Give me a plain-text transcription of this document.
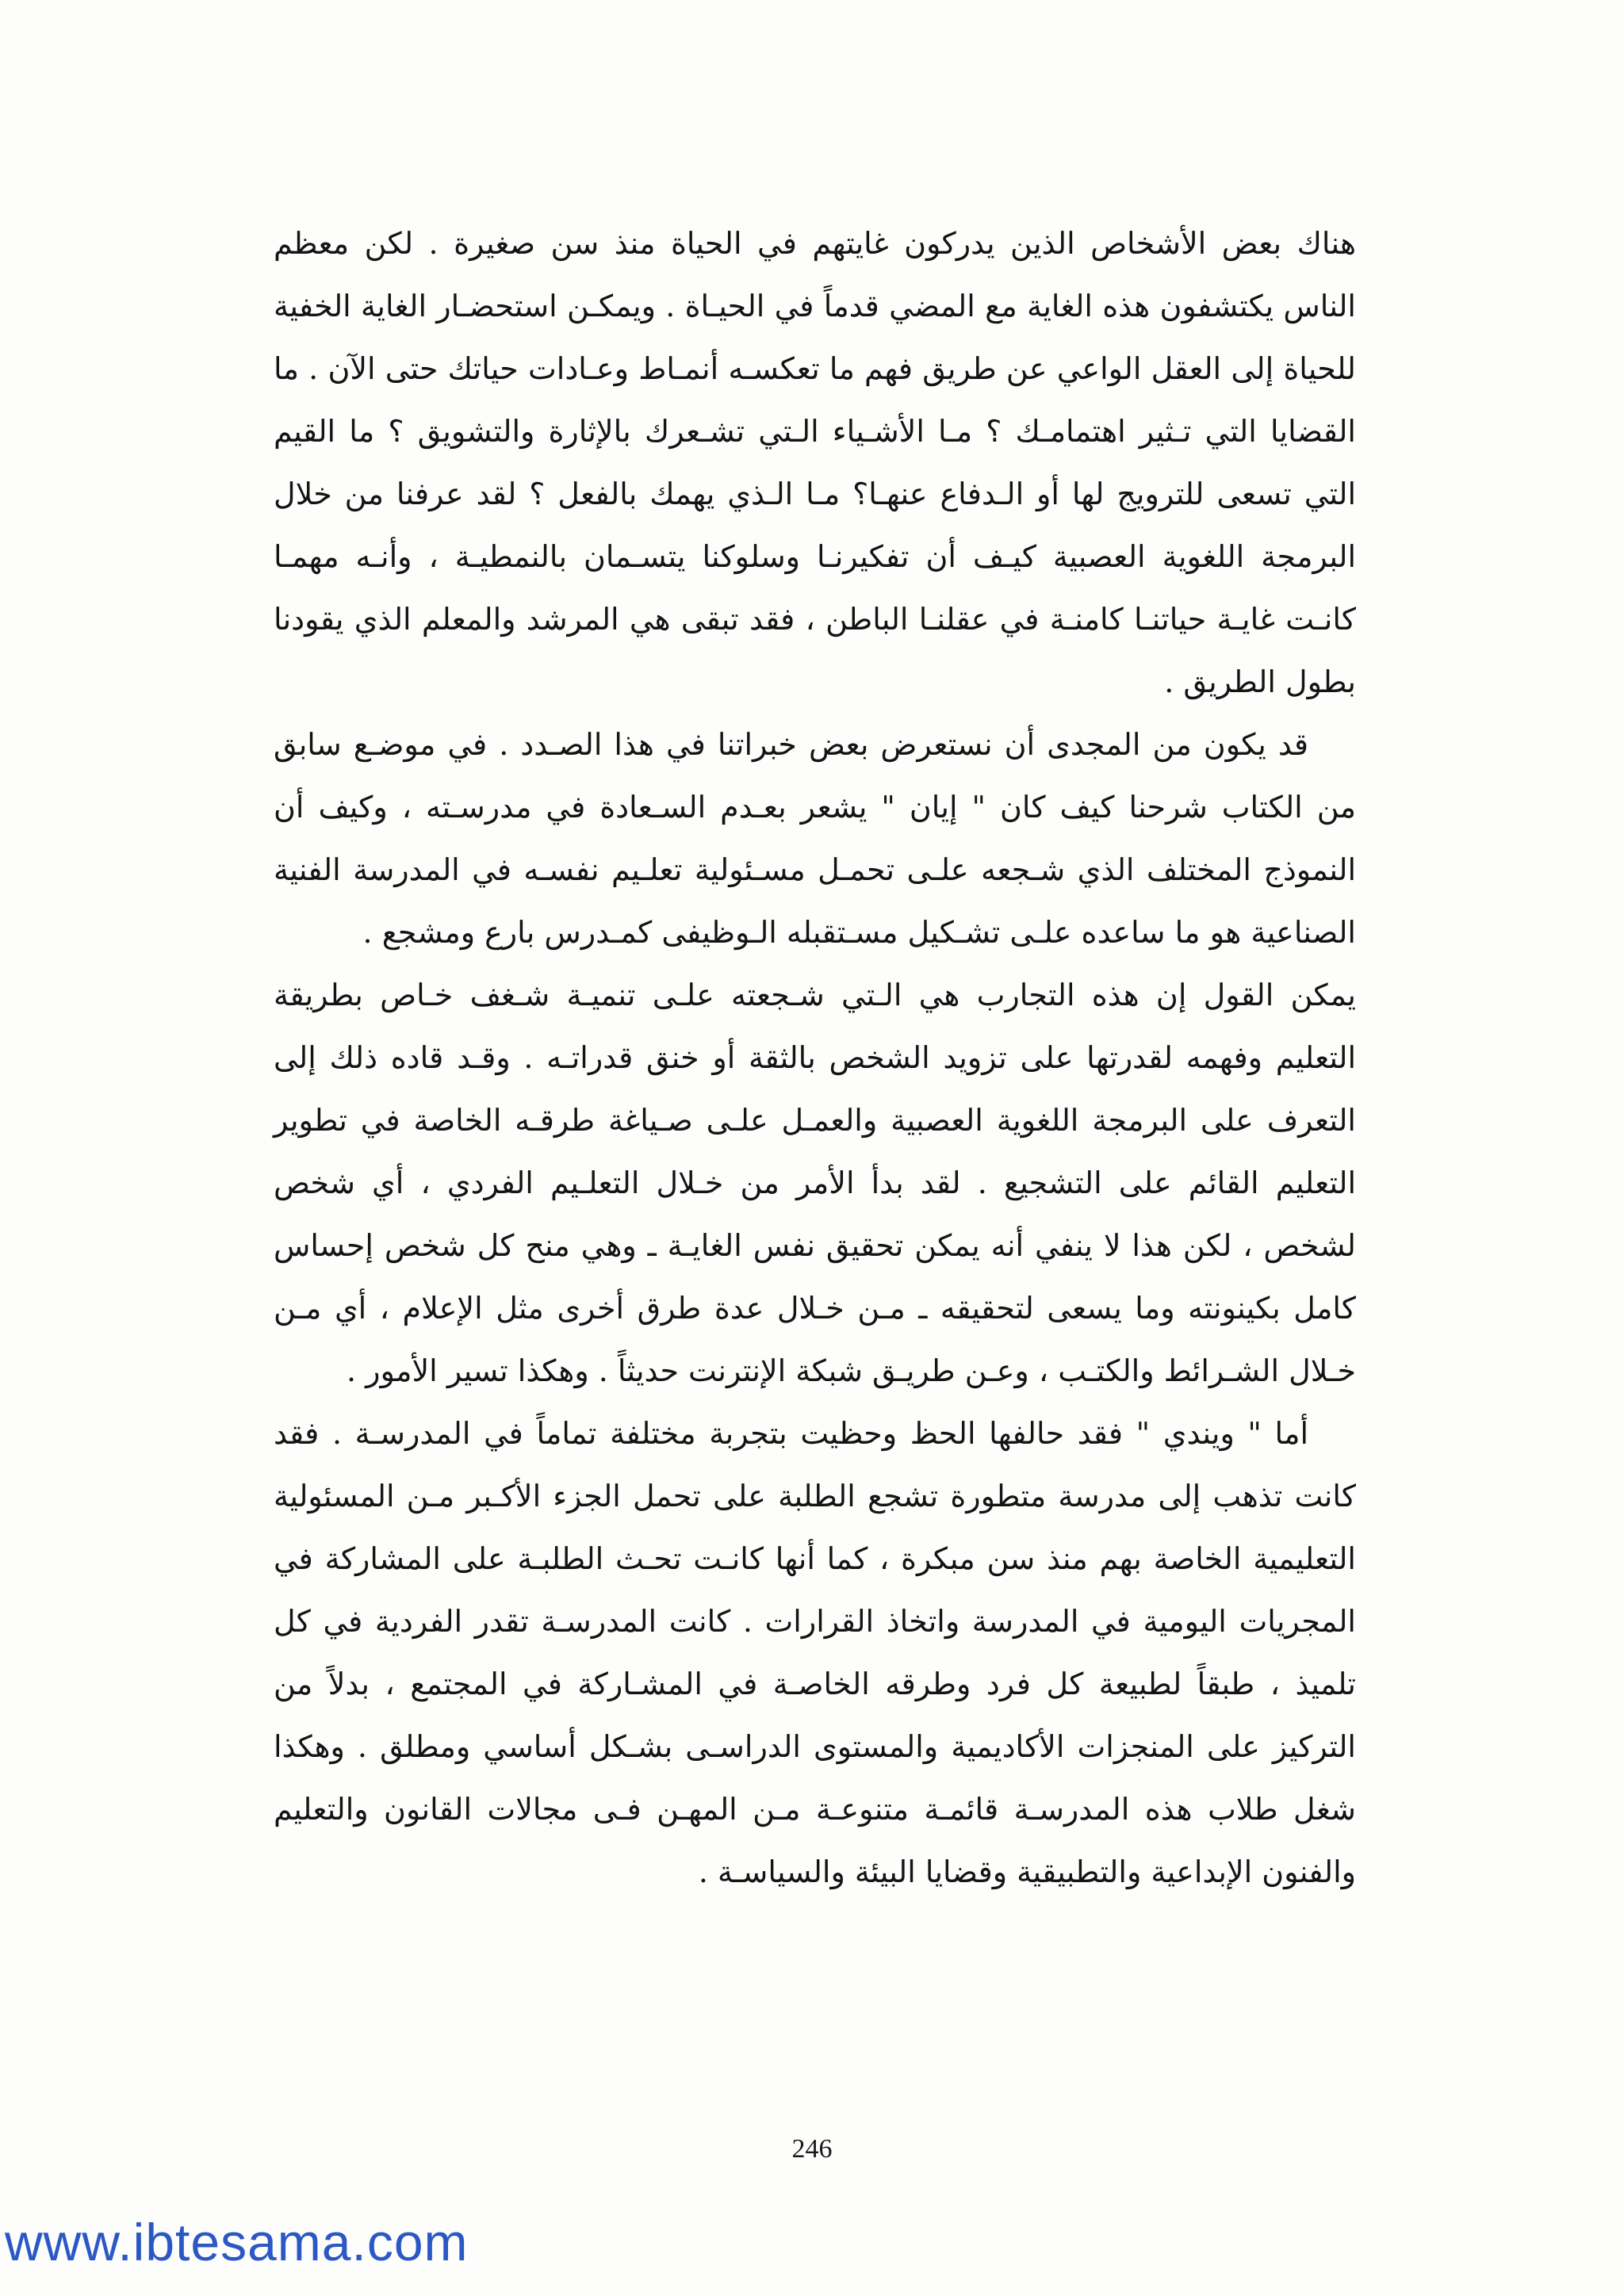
هناك بعض الأشخاص الذين يدركون غايتهم في الحياة منذ سن صغيرة . لكن معظم الناس يكتشفون هذه الغاية مع المضي قدماً في الحيـاة . ويمكـن استحضـار الغاية الخفية للحياة إلى العقل الواعي عن طريق فهم ما تعكسـه أنمـاط وعـادات حياتك حتى الآن . ما القضايا التي تـثير اهتمامـك ؟ مـا الأشـياء الـتي تشـعرك بالإثارة والتشويق ؟ ما القيم التي تسعى للترويج لها أو الـدفاع عنهـا؟ مـا الـذي يهمك بالفعل ؟ لقد عرفنا من خلال البرمجة اللغوية العصبية كيـف أن تفكيرنـا وسلوكنا يتسـمان بالنمطيـة ، وأنـه مهمـا كانـت غايـة حياتنـا كامنـة في عقلنـا الباطن ، فقد تبقى هي المرشد والمعلم الذي يقودنا بطول الطريق .

قد يكون من المجدى أن نستعرض بعض خبراتنا في هذا الصـدد . في موضـع سابق من الكتاب شرحنا كيف كان " إيان " يشعر بعـدم السـعادة في مدرسـته ، وكيف أن النموذج المختلف الذي شـجعه علـى تحمـل مسـئولية تعلـيم نفسـه في المدرسة الفنية الصناعية هو ما ساعده علـى تشـكيل مسـتقبله الـوظيفى كمـدرس بارع ومشجع .

يمكن القول إن هذه التجارب هي الـتي شـجعته علـى تنميـة شـغف خـاص بطريقة التعليم وفهمه لقدرتها على تزويد الشخص بالثقة أو خنق قدراتـه . وقـد قاده ذلك إلى التعرف على البرمجة اللغوية العصبية والعمـل علـى صـياغة طرقـه الخاصة في تطوير التعليم القائم على التشجيع . لقد بدأ الأمر من خـلال التعلـيم الفردي ، أي شخص لشخص ، لكن هذا لا ينفي أنه يمكن تحقيق نفس الغايـة ـ وهي منح كل شخص إحساس كامل بكينونته وما يسعى لتحقيقه ـ مـن خـلال عدة طرق أخرى مثل الإعلام ، أي مـن خـلال الشـرائط والكتـب ، وعـن طريـق شبكة الإنترنت حديثاً . وهكذا تسير الأمور .

أما " ويندي " فقد حالفها الحظ وحظيت بتجربة مختلفة تماماً في المدرسـة . فقد كانت تذهب إلى مدرسة متطورة تشجع الطلبة على تحمل الجزء الأكـبر مـن المسئولية التعليمية الخاصة بهم منذ سن مبكرة ، كما أنها كانـت تحـث الطلبـة على المشاركة في المجريات اليومية في المدرسة واتخاذ القرارات . كانت المدرسـة تقدر الفردية في كل تلميذ ، طبقاً لطبيعة كل فرد وطرقه الخاصـة في المشـاركة في المجتمع ، بدلاً من التركيز على المنجزات الأكاديمية والمستوى الدراسـى بشـكل أساسي ومطلق . وهكذا شغل طلاب هذه المدرسـة قائمـة متنوعـة مـن المهـن فـى مجالات القانون والتعليم والفنون الإبداعية والتطبيقية وقضايا البيئة والسياسـة .

246
www.ibtesama.com
